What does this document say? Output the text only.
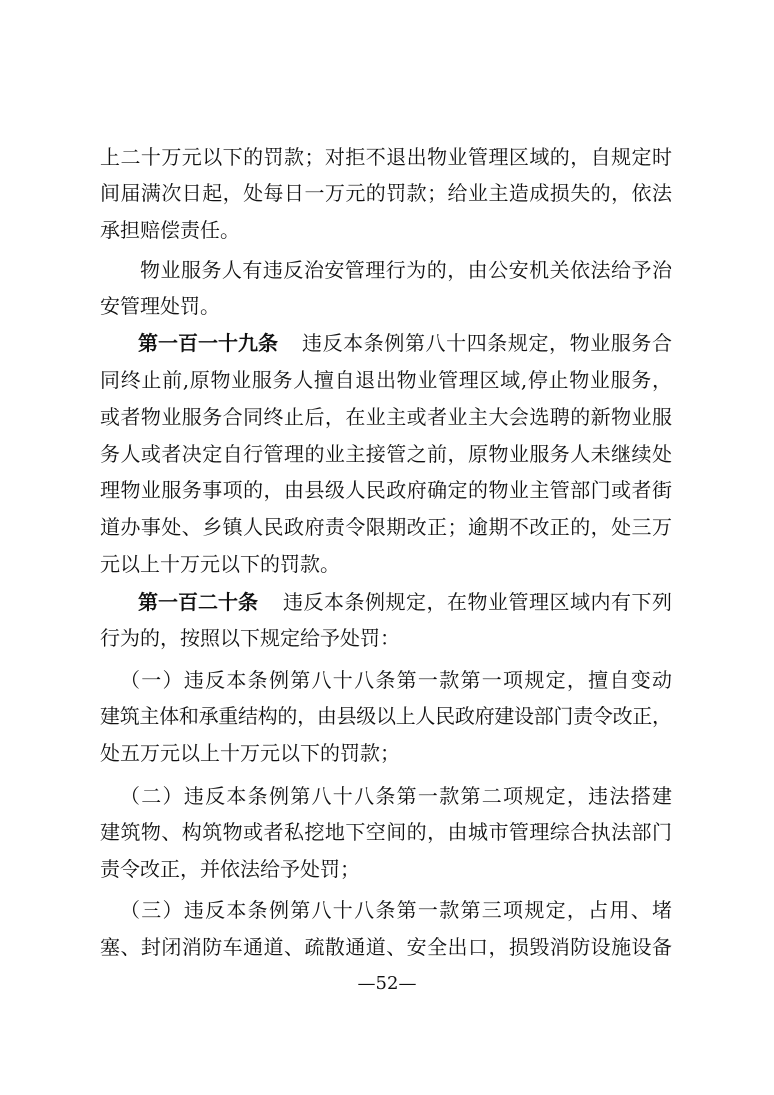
上二十万元以下的罚款；对拒不退出物业管理区域的，自规定时
间届满次日起，处每日一万元的罚款；给业主造成损失的，依法
承担赔偿责任。
物业服务人有违反治安管理行为的，由公安机关依法给予治
安管理处罚。
第一百一十九条 违反本条例第八十四条规定，物业服务合
同终止前,原物业服务人擅自退出物业管理区域,停止物业服务，
或者物业服务合同终止后，在业主或者业主大会选聘的新物业服
务人或者决定自行管理的业主接管之前，原物业服务人未继续处
理物业服务事项的，由县级人民政府确定的物业主管部门或者街
道办事处、乡镇人民政府责令限期改正；逾期不改正的，处三万
元以上十万元以下的罚款。
第一百二十条 违反本条例规定，在物业管理区域内有下列
行为的，按照以下规定给予处罚：
（一）违反本条例第八十八条第一款第一项规定，擅自变动
建筑主体和承重结构的，由县级以上人民政府建设部门责令改正，
处五万元以上十万元以下的罚款；
（二）违反本条例第八十八条第一款第二项规定，违法搭建
建筑物、构筑物或者私挖地下空间的，由城市管理综合执法部门
责令改正，并依法给予处罚；
（三）违反本条例第八十八条第一款第三项规定，占用、堵
塞、封闭消防车通道、疏散通道、安全出口，损毁消防设施设备
—52—
